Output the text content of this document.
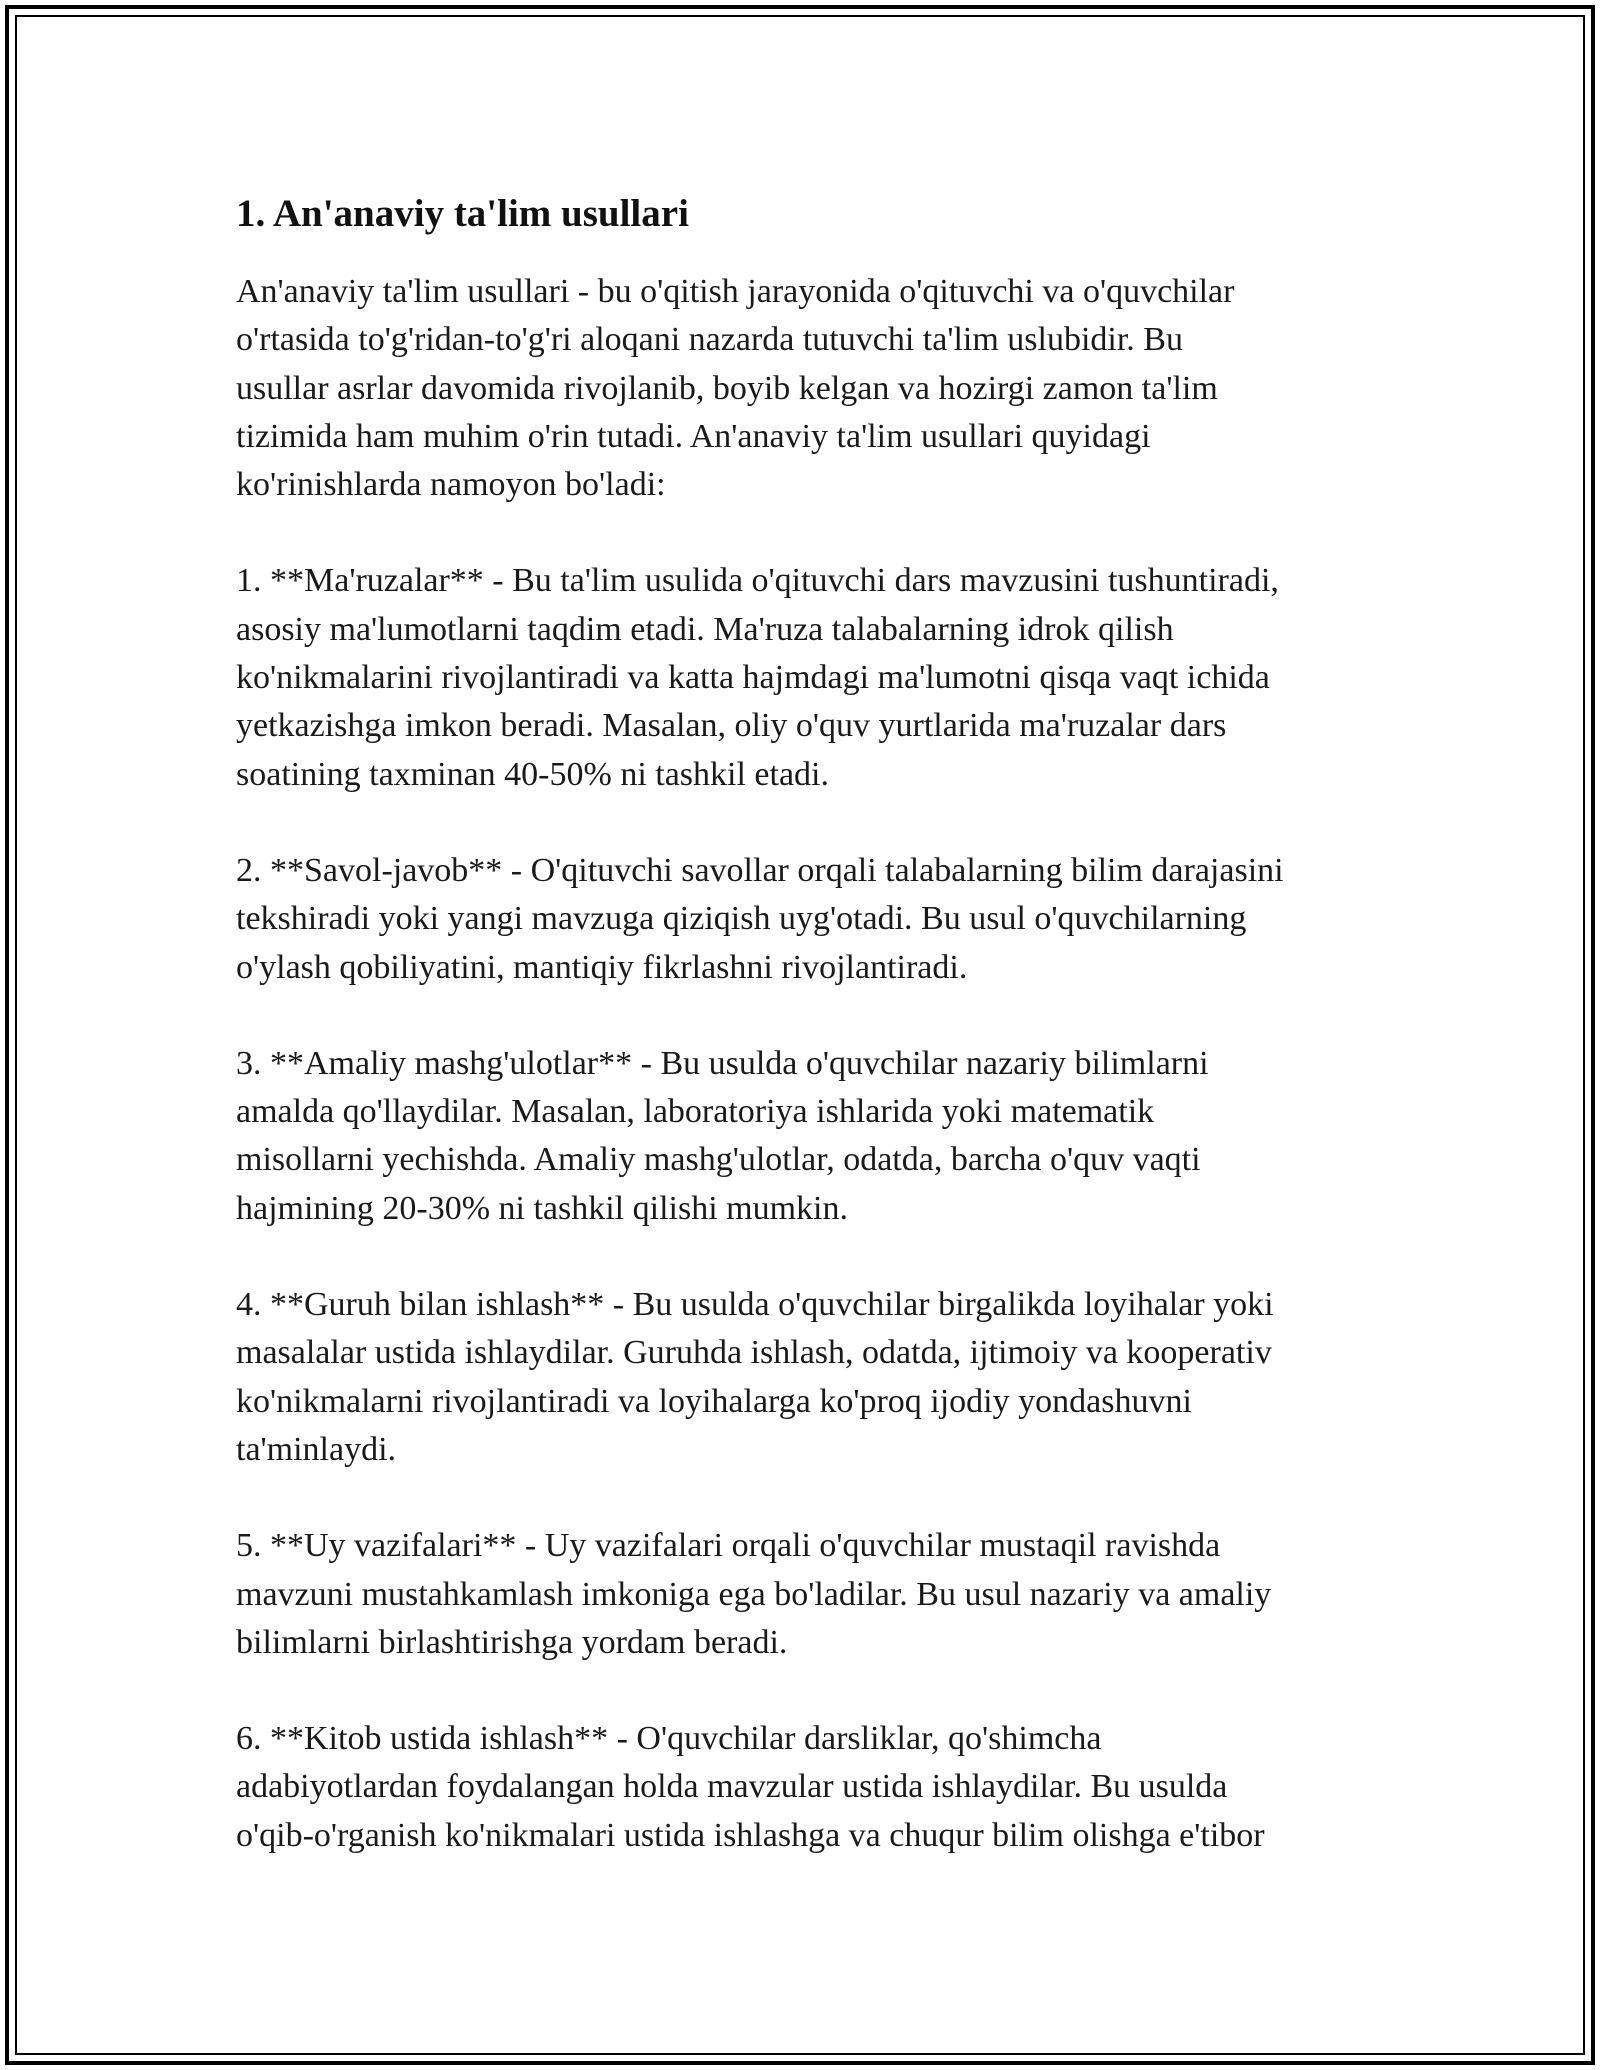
1. An'anaviy ta'lim usullari

An'anaviy ta'lim usullari - bu o'qitish jarayonida o'qituvchi va o'quvchilar
o'rtasida to'g'ridan-to'g'ri aloqani nazarda tutuvchi ta'lim uslubidir. Bu
usullar asrlar davomida rivojlanib, boyib kelgan va hozirgi zamon ta'lim
tizimida ham muhim o'rin tutadi. An'anaviy ta'lim usullari quyidagi
ko'rinishlarda namoyon bo'ladi:

1. **Ma'ruzalar** - Bu ta'lim usulida o'qituvchi dars mavzusini tushuntiradi,
asosiy ma'lumotlarni taqdim etadi. Ma'ruza talabalarning idrok qilish
ko'nikmalarini rivojlantiradi va katta hajmdagi ma'lumotni qisqa vaqt ichida
yetkazishga imkon beradi. Masalan, oliy o'quv yurtlarida ma'ruzalar dars
soatining taxminan 40-50% ni tashkil etadi.

2. **Savol-javob** - O'qituvchi savollar orqali talabalarning bilim darajasini
tekshiradi yoki yangi mavzuga qiziqish uyg'otadi. Bu usul o'quvchilarning
o'ylash qobiliyatini, mantiqiy fikrlashni rivojlantiradi.

3. **Amaliy mashg'ulotlar** - Bu usulda o'quvchilar nazariy bilimlarni
amalda qo'llaydilar. Masalan, laboratoriya ishlarida yoki matematik
misollarni yechishda. Amaliy mashg'ulotlar, odatda, barcha o'quv vaqti
hajmining 20-30% ni tashkil qilishi mumkin.

4. **Guruh bilan ishlash** - Bu usulda o'quvchilar birgalikda loyihalar yoki
masalalar ustida ishlaydilar. Guruhda ishlash, odatda, ijtimoiy va kooperativ
ko'nikmalarni rivojlantiradi va loyihalarga ko'proq ijodiy yondashuvni
ta'minlaydi.

5. **Uy vazifalari** - Uy vazifalari orqali o'quvchilar mustaqil ravishda
mavzuni mustahkamlash imkoniga ega bo'ladilar. Bu usul nazariy va amaliy
bilimlarni birlashtirishga yordam beradi.

6. **Kitob ustida ishlash** - O'quvchilar darsliklar, qo'shimcha
adabiyotlardan foydalangan holda mavzular ustida ishlaydilar. Bu usulda
o'qib-o'rganish ko'nikmalari ustida ishlashga va chuqur bilim olishga e'tibor
